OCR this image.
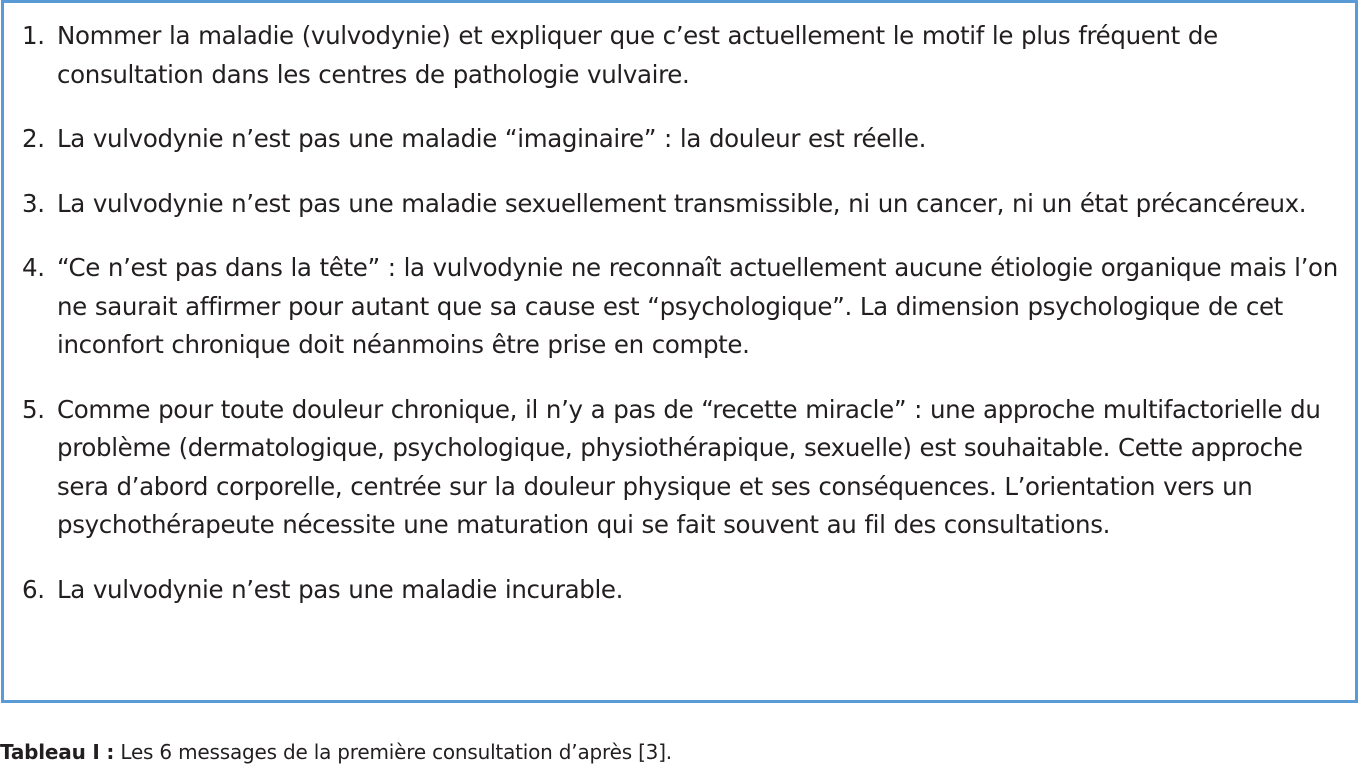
1. Nommer la maladie (vulvodynie) et expliquer que c’est actuellement le motif le plus fréquent de consultation dans les centres de pathologie vulvaire.
2. La vulvodynie n’est pas une maladie “imaginaire” : la douleur est réelle.
3. La vulvodynie n’est pas une maladie sexuellement transmissible, ni un cancer, ni un état précancéreux.
4. “Ce n’est pas dans la tête” : la vulvodynie ne reconnaît actuellement aucune étiologie organique mais l’on ne saurait affirmer pour autant que sa cause est “psychologique”. La dimension psychologique de cet inconfort chronique doit néanmoins être prise en compte.
5. Comme pour toute douleur chronique, il n’y a pas de “recette miracle” : une approche multifactorielle du problème (dermatologique, psychologique, physiothérapique, sexuelle) est souhaitable. Cette approche sera d’abord corporelle, centrée sur la douleur physique et ses conséquences. L’orientation vers un psychothérapeute nécessite une maturation qui se fait souvent au fil des consultations.
6. La vulvodynie n’est pas une maladie incurable.
Tableau I : Les 6 messages de la première consultation d’après [3].
